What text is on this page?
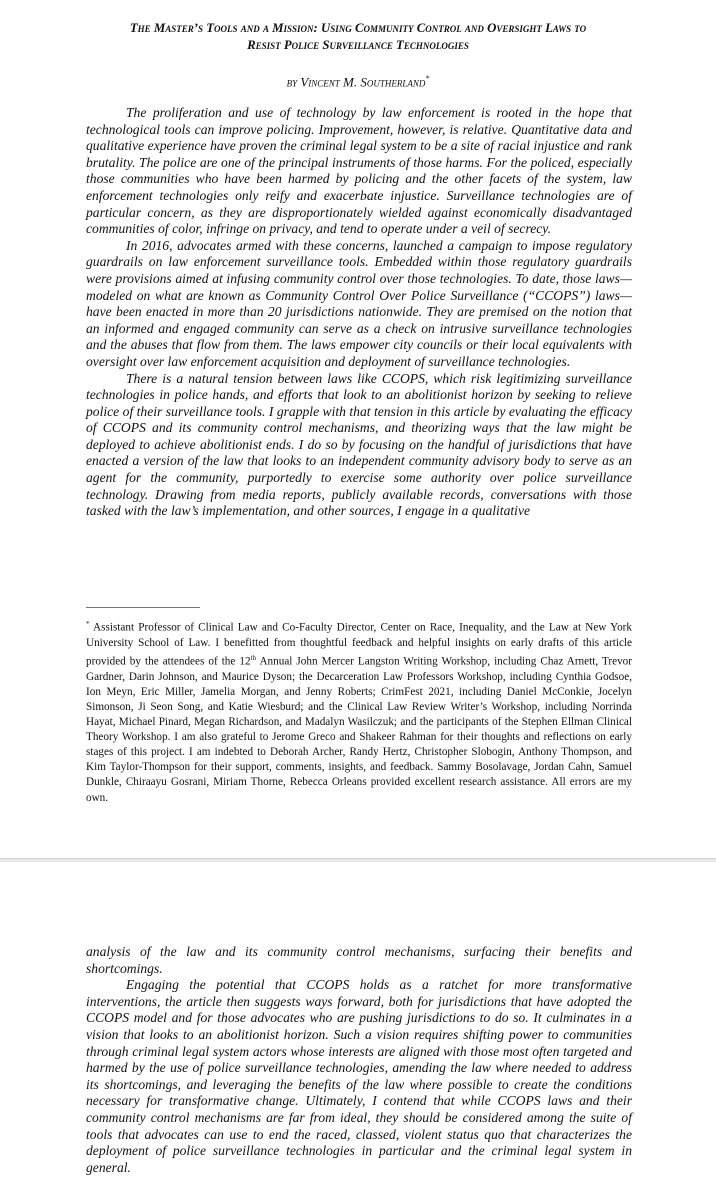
The Master’s Tools and a Mission: Using Community Control and Oversight Laws to
Resist Police Surveillance Technologies

by Vincent M. Southerland*

The proliferation and use of technology by law enforcement is rooted in the hope that technological tools can improve policing. Improvement, however, is relative. Quantitative data and qualitative experience have proven the criminal legal system to be a site of racial injustice and rank brutality. The police are one of the principal instruments of those harms. For the policed, especially those communities who have been harmed by policing and the other facets of the system, law enforcement technologies only reify and exacerbate injustice. Surveillance technologies are of particular concern, as they are disproportionately wielded against economically disadvantaged communities of color, infringe on privacy, and tend to operate under a veil of secrecy.

In 2016, advocates armed with these concerns, launched a campaign to impose regulatory guardrails on law enforcement surveillance tools. Embedded within those regulatory guardrails were provisions aimed at infusing community control over those technologies. To date, those laws—modeled on what are known as Community Control Over Police Surveillance (“CCOPS”) laws—have been enacted in more than 20 jurisdictions nationwide. They are premised on the notion that an informed and engaged community can serve as a check on intrusive surveillance technologies and the abuses that flow from them. The laws empower city councils or their local equivalents with oversight over law enforcement acquisition and deployment of surveillance technologies.

There is a natural tension between laws like CCOPS, which risk legitimizing surveillance technologies in police hands, and efforts that look to an abolitionist horizon by seeking to relieve police of their surveillance tools. I grapple with that tension in this article by evaluating the efficacy of CCOPS and its community control mechanisms, and theorizing ways that the law might be deployed to achieve abolitionist ends. I do so by focusing on the handful of jurisdictions that have enacted a version of the law that looks to an independent community advisory body to serve as an agent for the community, purportedly to exercise some authority over police surveillance technology. Drawing from media reports, publicly available records, conversations with those tasked with the law’s implementation, and other sources, I engage in a qualitative

* Assistant Professor of Clinical Law and Co-Faculty Director, Center on Race, Inequality, and the Law at New York University School of Law. I benefitted from thoughtful feedback and helpful insights on early drafts of this article provided by the attendees of the 12th Annual John Mercer Langston Writing Workshop, including Chaz Arnett, Trevor Gardner, Darin Johnson, and Maurice Dyson; the Decarceration Law Professors Workshop, including Cynthia Godsoe, Ion Meyn, Eric Miller, Jamelia Morgan, and Jenny Roberts; CrimFest 2021, including Daniel McConkie, Jocelyn Simonson, Ji Seon Song, and Katie Wiesburd; and the Clinical Law Review Writer’s Workshop, including Norrinda Hayat, Michael Pinard, Megan Richardson, and Madalyn Wasilczuk; and the participants of the Stephen Ellman Clinical Theory Workshop. I am also grateful to Jerome Greco and Shakeer Rahman for their thoughts and reflections on early stages of this project. I am indebted to Deborah Archer, Randy Hertz, Christopher Slobogin, Anthony Thompson, and Kim Taylor-Thompson for their support, comments, insights, and feedback. Sammy Bosolavage, Jordan Cahn, Samuel Dunkle, Chiraayu Gosrani, Miriam Thorne, Rebecca Orleans provided excellent research assistance. All errors are my own.

analysis of the law and its community control mechanisms, surfacing their benefits and shortcomings.

Engaging the potential that CCOPS holds as a ratchet for more transformative interventions, the article then suggests ways forward, both for jurisdictions that have adopted the CCOPS model and for those advocates who are pushing jurisdictions to do so. It culminates in a vision that looks to an abolitionist horizon. Such a vision requires shifting power to communities through criminal legal system actors whose interests are aligned with those most often targeted and harmed by the use of police surveillance technologies, amending the law where needed to address its shortcomings, and leveraging the benefits of the law where possible to create the conditions necessary for transformative change. Ultimately, I contend that while CCOPS laws and their community control mechanisms are far from ideal, they should be considered among the suite of tools that advocates can use to end the raced, classed, violent status quo that characterizes the deployment of police surveillance technologies in particular and the criminal legal system in general.
